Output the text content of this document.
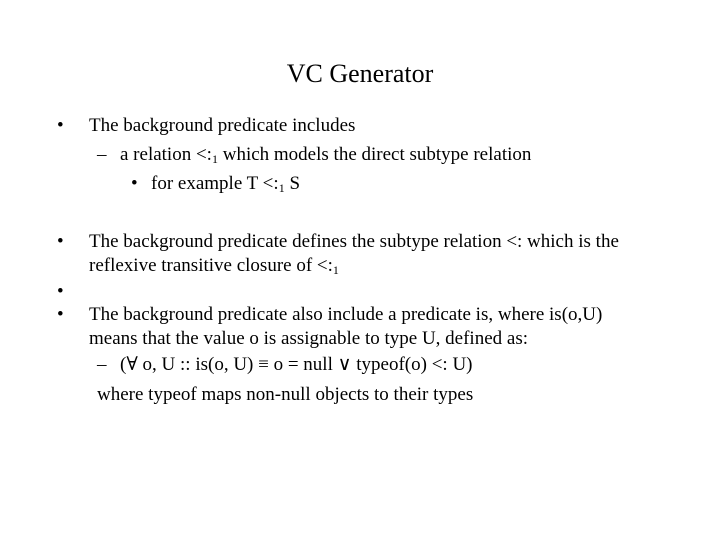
VC Generator
• The background predicate includes
– a relation $<:_1$ which models the direct subtype relation
• for example $T <:_1$ S
• The background predicate defines the subtype relation <: which is the
reflexive transitive closure of $<:_1$
•
• The background predicate also include a predicate is, where is(o,U)
means that the value o is assignable to type U, defined as:
– (∀ o, U :: is(o, U) ≡ o = null ∨ typeof(o) <: U)
where typeof maps non-null objects to their types
